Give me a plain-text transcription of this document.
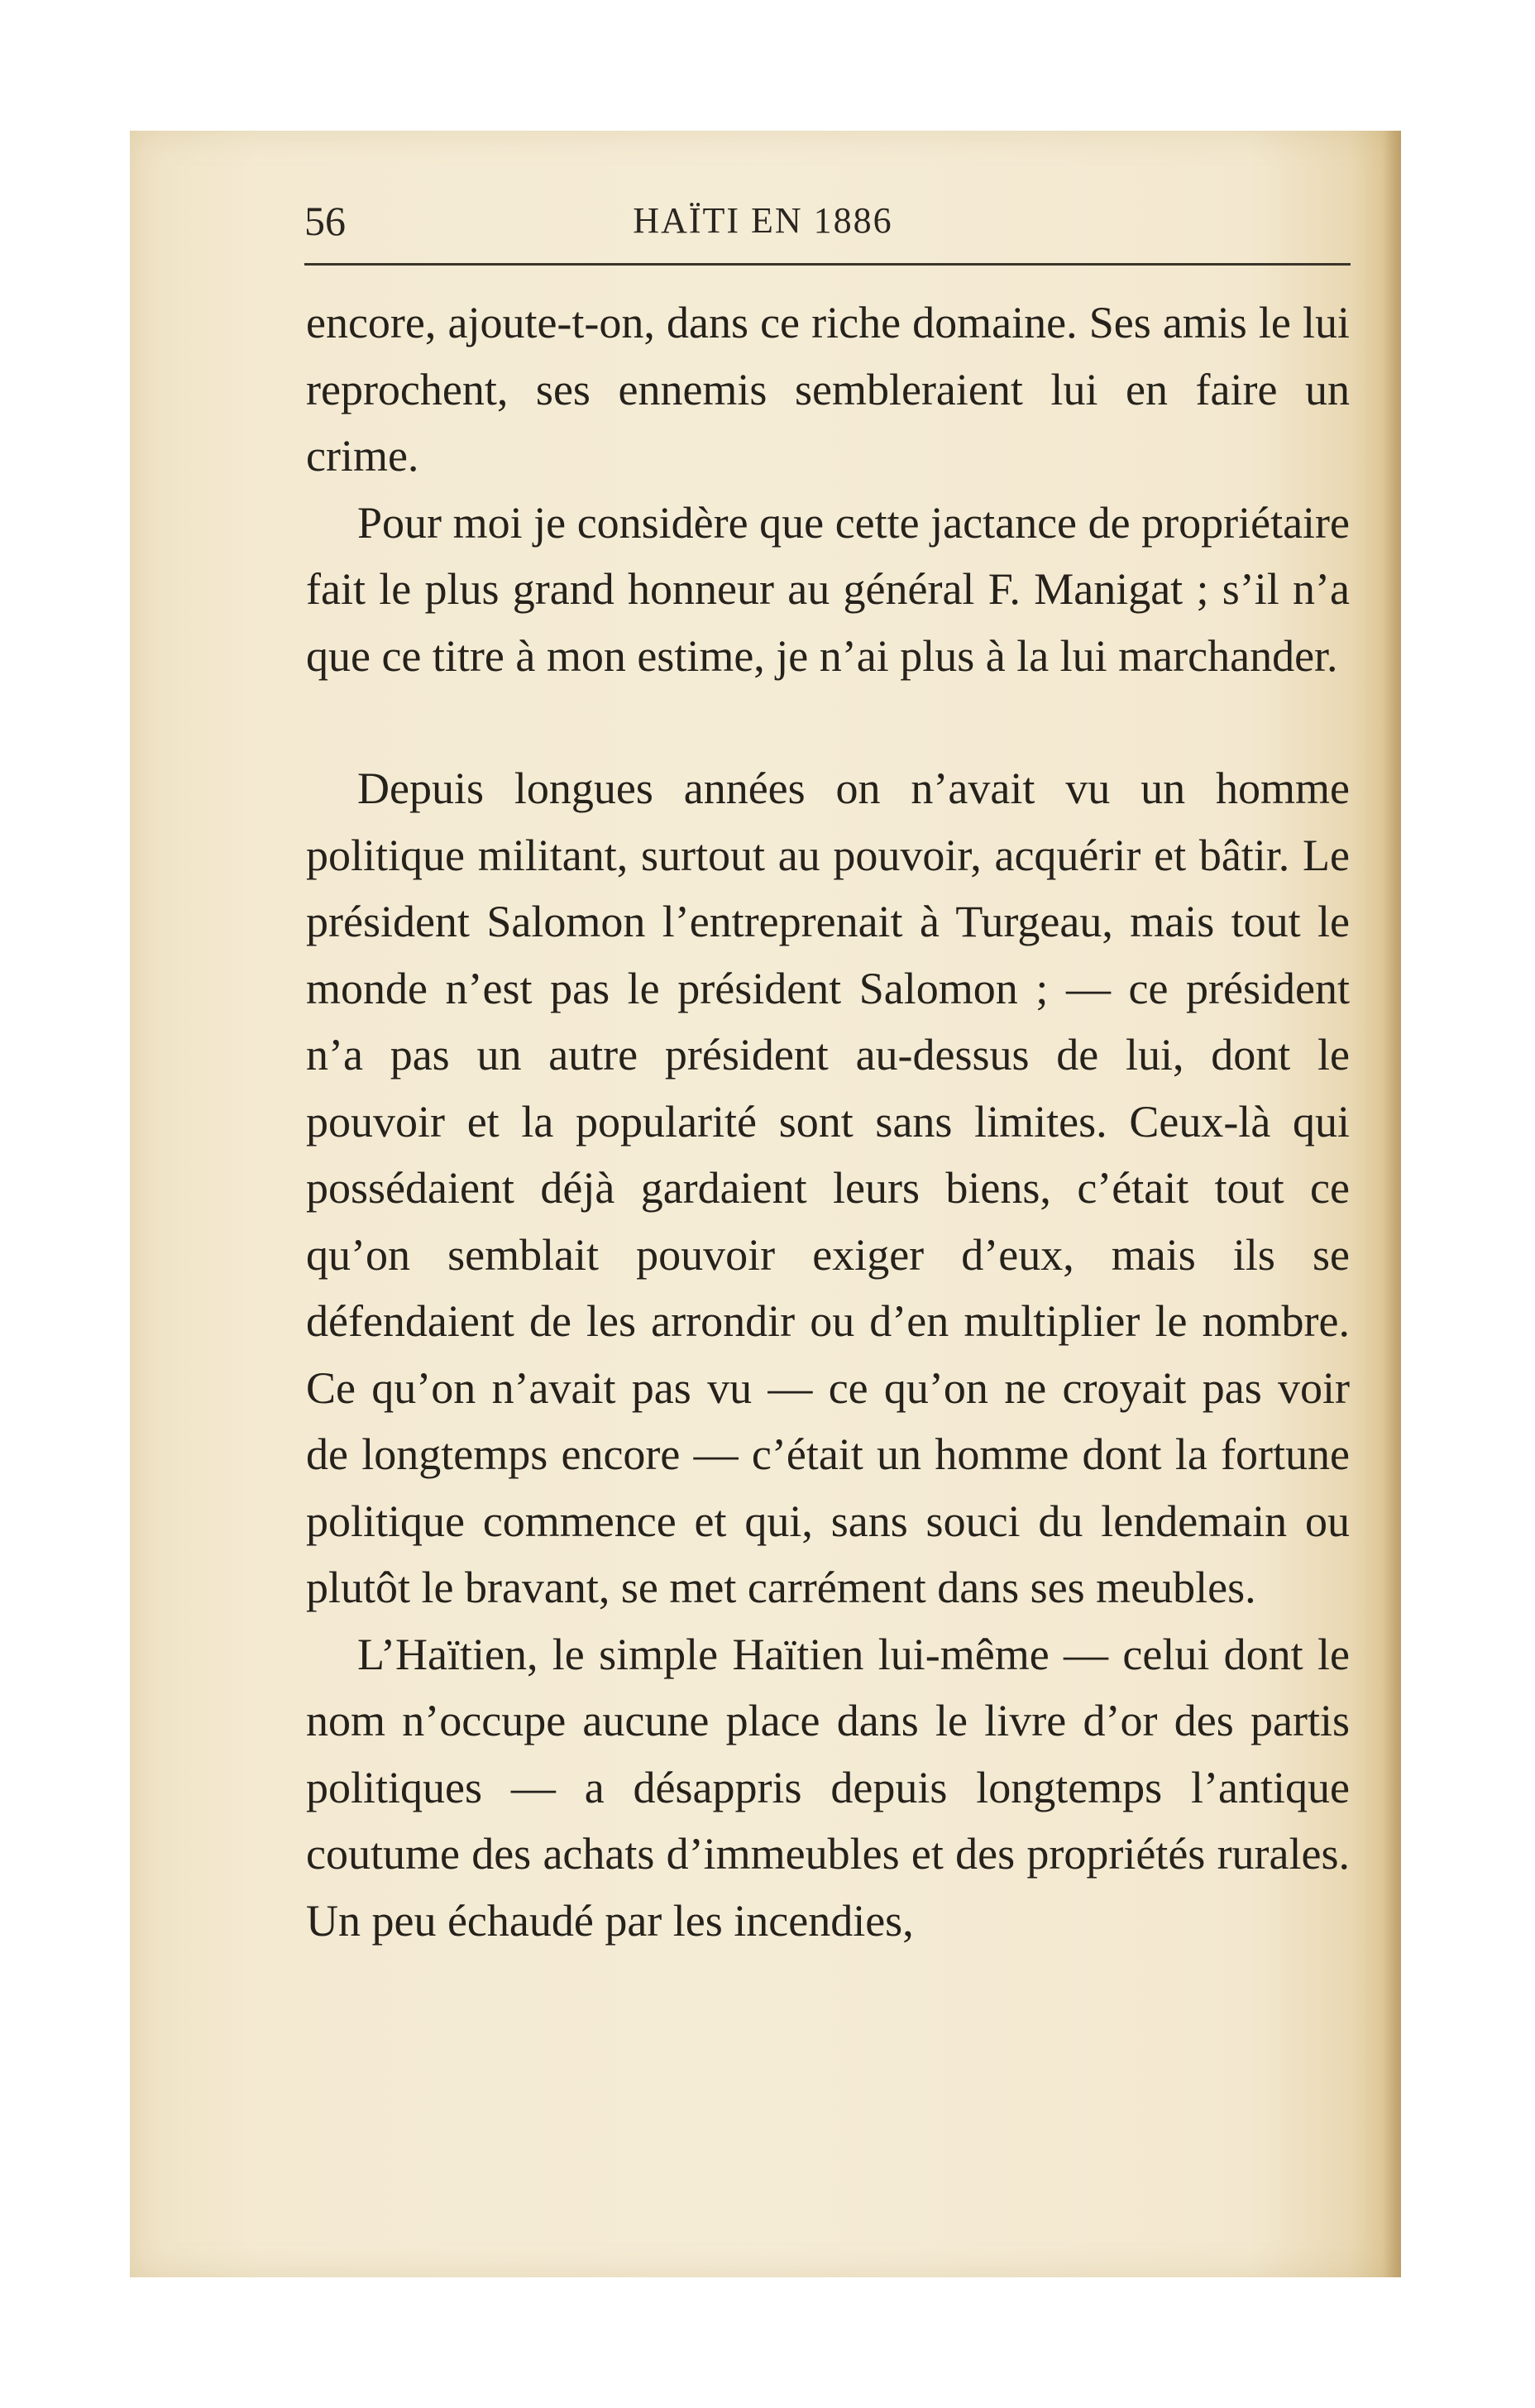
56	HAÏTI EN 1886

encore, ajoute-t-on, dans ce riche domaine. Ses amis le lui reprochent, ses ennemis sembleraient lui en faire un crime.

Pour moi je considère que cette jactance de propriétaire fait le plus grand honneur au général F. Manigat ; s’il n’a que ce titre à mon estime, je n’ai plus à la lui marchander.

Depuis longues années on n’avait vu un homme politique militant, surtout au pouvoir, acquérir et bâtir. Le président Salomon l’entreprenait à Turgeau, mais tout le monde n’est pas le président Salomon ; — ce président n’a pas un autre président au-dessus de lui, dont le pouvoir et la popularité sont sans limites. Ceux-là qui possédaient déjà gardaient leurs biens, c’était tout ce qu’on semblait pouvoir exiger d’eux, mais ils se défendaient de les arrondir ou d’en multiplier le nombre. Ce qu’on n’avait pas vu — ce qu’on ne croyait pas voir de longtemps encore — c’était un homme dont la fortune politique commence et qui, sans souci du lendemain ou plutôt le bravant, se met carrément dans ses meubles.

L’Haïtien, le simple Haïtien lui-même — celui dont le nom n’occupe aucune place dans le livre d’or des partis politiques — a désappris depuis longtemps l’antique coutume des achats d’immeubles et des propriétés rurales. Un peu échaudé par les incendies,
